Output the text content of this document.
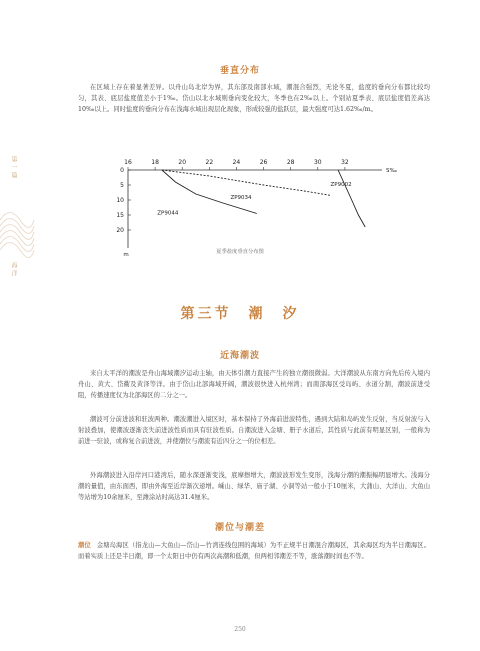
第一篇
海洋
垂直分布

在区域上存在着显著差异。以舟山岛北岸为界，其东部及南部水域，潮混合强烈，无论冬夏，盐度的垂向分布都比较均匀，其表、底层盐度值差小于1‰。岱山以北水域则垂向变化较大，冬季也在2‰以上。个别站夏季表、底层盐度值差高达10‰以上。同时盐度的垂向分布在浅海水域出现层化现象，形成较强的盐跃层，最大强度可达1.62‰/m。

16	18	20	22	24	26	28	30	32
S‰
0
5
10
15
20
m
ZP9044
ZP9034
ZP9002
夏季盐度垂直分布图
第三节　潮　汐
近海潮波

来自太平洋的潮波是舟山海域潮汐运动主轴，由天体引潮力直接产生的独立潮很微弱。大洋潮波从东南方向先后传入境内舟山、黄大、岱衢及黄泽等洋。由于岱山北部海域开阔，潮波很快进入杭州湾；而南部海区受岛屿、水道分割，潮波前进受阻，传播速度仅为北部海区的二分之一。

潮波可分前进波和驻波两种。潮波潮进入境区时，基本保持了外海前进波特性，遇到大陆和岛屿发生反射，当反射波与入射波叠加，使潮波逐渐丧失前进波性质而具有驻波性质。自潮波进入金塘、册子水道后，其性质与此前有明显区别，一般称为前进一驻波，或称复合前进波，并使潮位与潮流有近四分之一的位相差。

外海潮波进入沿岸河口港湾后，随水深逐渐变浅，底摩擦增大，潮波波形发生变形，浅海分潮的潮振幅明显增大。浅海分潮的量值，由东面西，即由外海至近岸渐次递增。嵊山、绿华、庙子湖、小洞等站一般小于10厘米，大蒲山、大洋山、大鱼山等站增为10余厘米，至潍涂站时高达31.4厘米。

潮位与潮差

潮位 金塘岛海区（指龙山—大鱼山—岱山—竹湾连线包围的海域）为不正规半日潮混合潮海区，其余海区均为半日潮海区。而着实质上还是半日潮，即一个太阳日中仍有两次高潮和低潮，但两相邻潮差不等，涨落潮时间也不等。

250
